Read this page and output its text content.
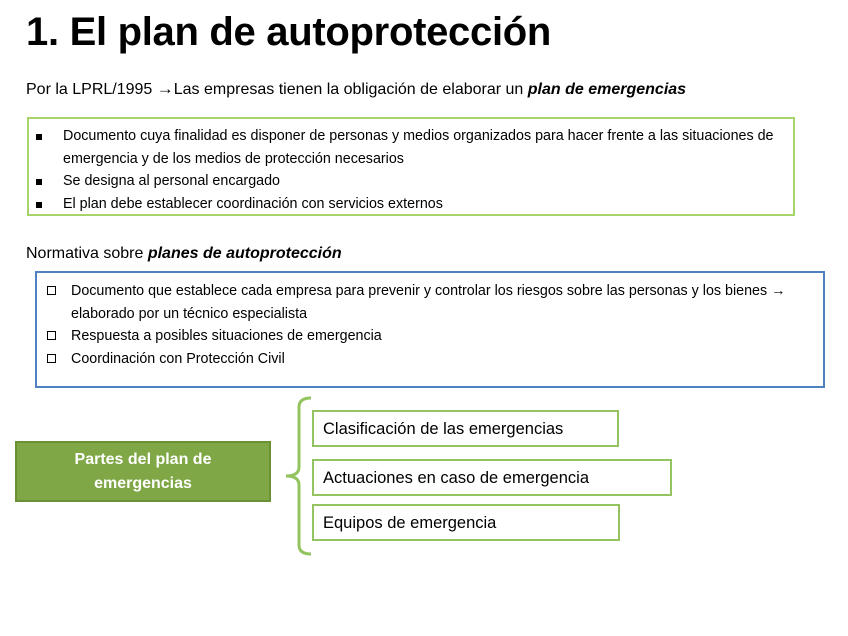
1. El plan de autoprotección
Por la LPRL/1995 →Las empresas tienen la obligación de elaborar un plan de emergencias
Documento cuya finalidad es disponer de personas y medios organizados para hacer frente a las situaciones de emergencia y de los medios de protección necesarios
Se designa al personal encargado
El plan debe establecer coordinación con servicios externos
Normativa sobre planes de autoprotección
Documento que establece cada empresa para prevenir y controlar los riesgos sobre las personas y los bienes → elaborado por un técnico especialista
Respuesta a posibles situaciones de emergencia
Coordinación con Protección Civil
Partes del plan de emergencias
Clasificación de las emergencias
Actuaciones en caso de emergencia
Equipos de emergencia
